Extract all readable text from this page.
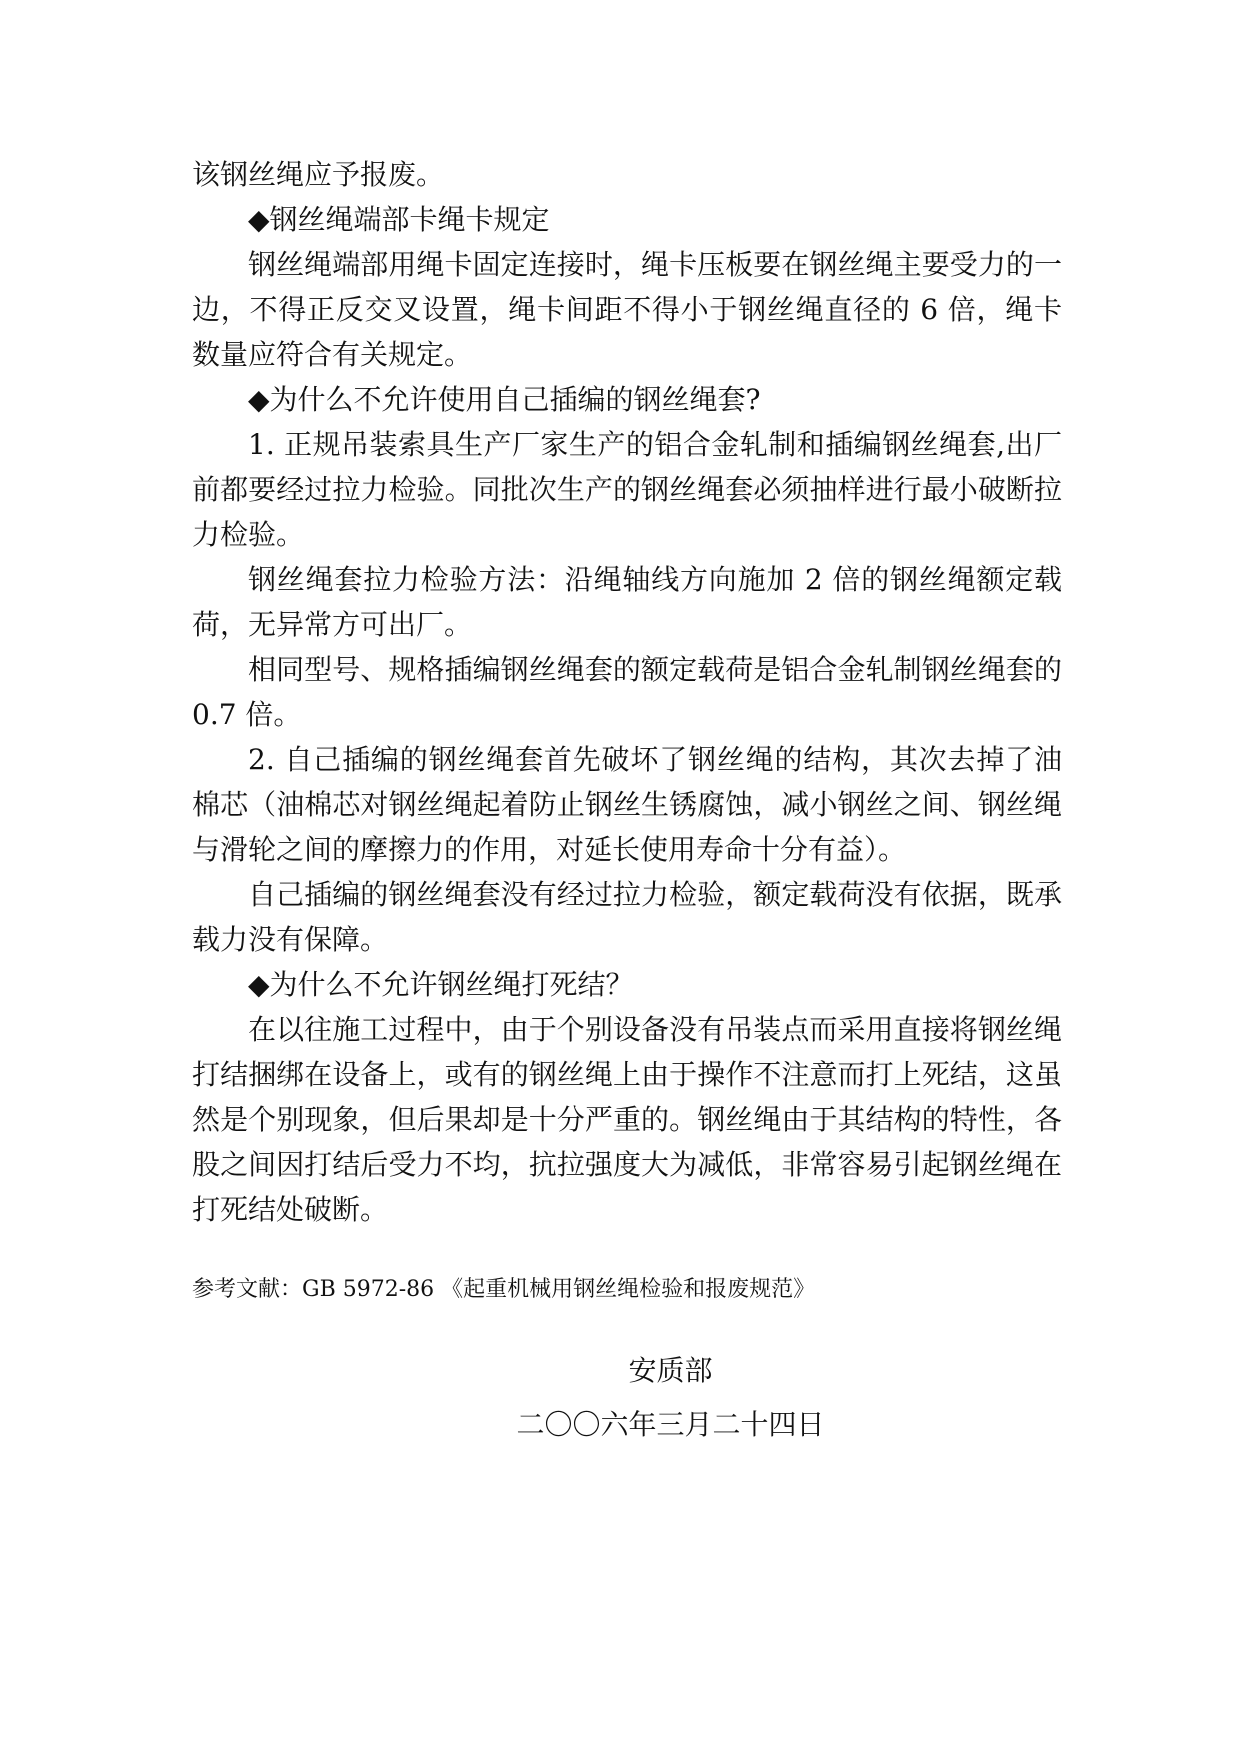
该钢丝绳应予报废。

◆钢丝绳端部卡绳卡规定

钢丝绳端部用绳卡固定连接时，绳卡压板要在钢丝绳主要受力的一边，不得正反交叉设置，绳卡间距不得小于钢丝绳直径的 6 倍，绳卡数量应符合有关规定。

◆为什么不允许使用自己插编的钢丝绳套?

1. 正规吊装索具生产厂家生产的铝合金轧制和插编钢丝绳套,出厂前都要经过拉力检验。同批次生产的钢丝绳套必须抽样进行最小破断拉力检验。

钢丝绳套拉力检验方法：沿绳轴线方向施加 2 倍的钢丝绳额定载荷，无异常方可出厂。

相同型号、规格插编钢丝绳套的额定载荷是铝合金轧制钢丝绳套的 0.7 倍。

2. 自己插编的钢丝绳套首先破坏了钢丝绳的结构，其次去掉了油棉芯（油棉芯对钢丝绳起着防止钢丝生锈腐蚀，减小钢丝之间、钢丝绳与滑轮之间的摩擦力的作用，对延长使用寿命十分有益）。

自己插编的钢丝绳套没有经过拉力检验，额定载荷没有依据，既承载力没有保障。

◆为什么不允许钢丝绳打死结？

在以往施工过程中，由于个别设备没有吊装点而采用直接将钢丝绳打结捆绑在设备上，或有的钢丝绳上由于操作不注意而打上死结，这虽然是个别现象，但后果却是十分严重的。钢丝绳由于其结构的特性，各股之间因打结后受力不均，抗拉强度大为减低，非常容易引起钢丝绳在打死结处破断。

参考文献：GB 5972-86 《起重机械用钢丝绳检验和报废规范》

安质部
二〇〇六年三月二十四日
